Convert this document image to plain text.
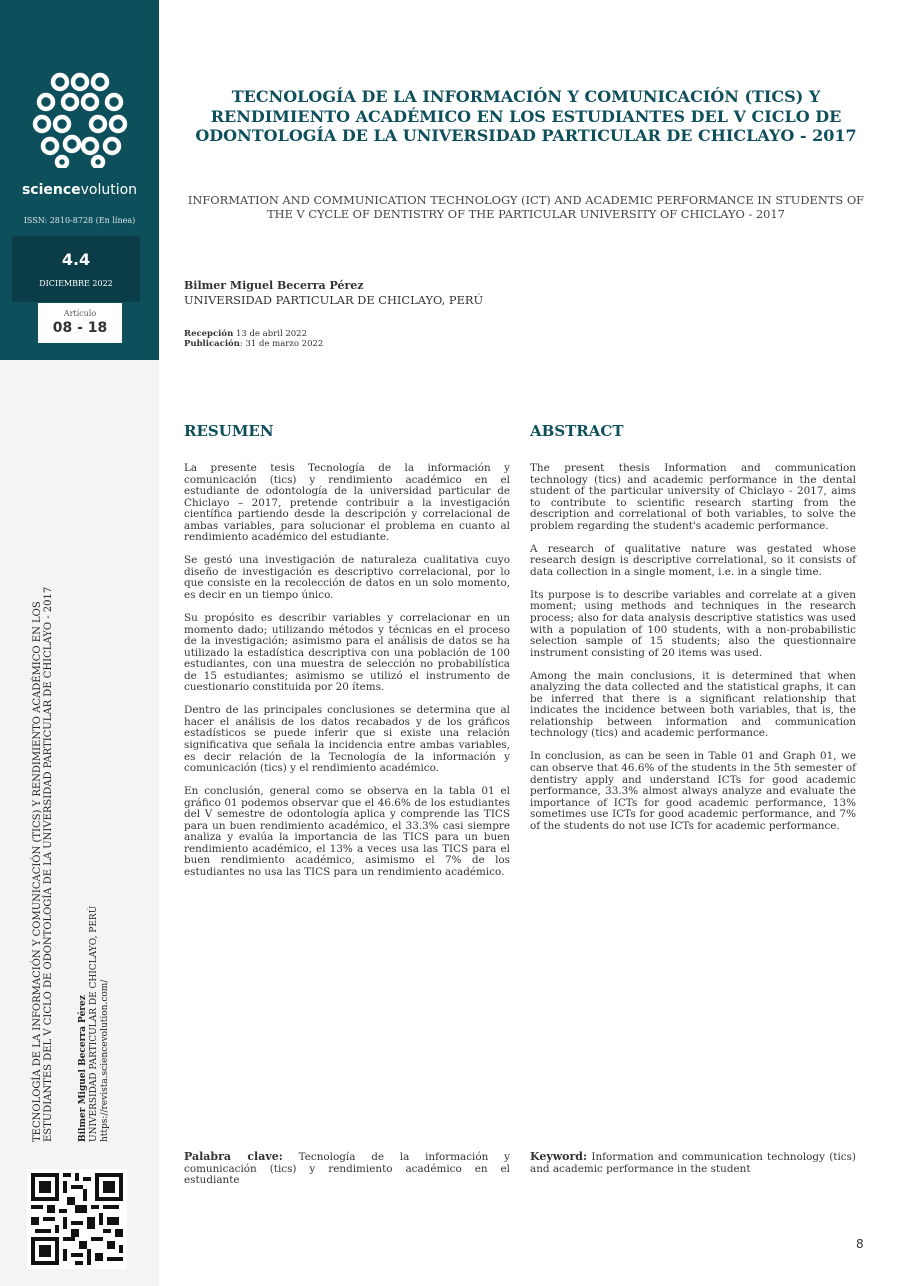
sciencevolution
ISSN: 2810-8728 (En línea)
4.4
DICIEMBRE 2022
Artículo
08 - 18
TECNOLOGÍA DE LA INFORMACIÓN Y COMUNICACIÓN (TICS) Y RENDIMIENTO ACADÉMICO EN LOS ESTUDIANTES DEL V CICLO DE ODONTOLOGÍA DE LA UNIVERSIDAD PARTICULAR DE CHICLAYO - 2017	Bilmer Miguel Becerra Pérez UNIVERSIDAD PARTICULAR DE CHICLAYO, PERÚ https://revista.sciencevolution.com/
TECNOLOGÍA DE LA INFORMACIÓN Y COMUNICACIÓN (TICS) Y RENDIMIENTO ACADÉMICO EN LOS ESTUDIANTES DEL V CICLO DE ODONTOLOGÍA DE LA UNIVERSIDAD PARTICULAR DE CHICLAYO - 2017
INFORMATION AND COMMUNICATION TECHNOLOGY (ICT) AND ACADEMIC PERFORMANCE IN STUDENTS OF THE V CYCLE OF DENTISTRY OF THE PARTICULAR UNIVERSITY OF CHICLAYO - 2017
Bilmer Miguel Becerra Pérez
UNIVERSIDAD PARTICULAR DE CHICLAYO, PERÚ
Recepción 13 de abril 2022
Publicación: 31 de marzo 2022
RESUMEN

La presente tesis Tecnología de la información y comunicación (tics) y rendimiento académico en el estudiante de odontología de la universidad particular de Chiclayo – 2017, pretende contribuir a la investigación científica partiendo desde la descripción y correlacional de ambas variables, para solucionar el problema en cuanto al rendimiento académico del estudiante.

Se gestó una investigación de naturaleza cualitativa cuyo diseño de investigación es descriptivo correlacional, por lo que consiste en la recolección de datos en un solo momento, es decir en un tiempo único.

Su propósito es describir variables y correlacionar en un momento dado; utilizando métodos y técnicas en el proceso de la investigación; asimismo para el análisis de datos se ha utilizado la estadística descriptiva con una población de 100 estudiantes, con una muestra de selección no probabilística de 15 estudiantes; asimismo se utilizó el instrumento de cuestionario constituida por 20 ítems.

Dentro de las principales conclusiones se determina que al hacer el análisis de los datos recabados y de los gráficos estadísticos se puede inferir que si existe una relación significativa que señala la incidencia entre ambas variables, es decir relación de la Tecnología de la información y comunicación (tics) y el rendimiento académico.

En conclusión, general como se observa en la tabla 01 el gráfico 01 podemos observar que el 46.6% de los estudiantes del V semestre de odontología aplica y comprende las TICS para un buen rendimiento académico, el 33.3% casi siempre analiza y evalúa la importancia de las TICS para un buen rendimiento académico, el 13% a veces usa las TICS para el buen rendimiento académico, asimismo el 7% de los estudiantes no usa las TICS para un rendimiento académico.

ABSTRACT

The present thesis Information and communication technology (tics) and academic performance in the dental student of the particular university of Chiclayo - 2017, aims to contribute to scientific research starting from the description and correlational of both variables, to solve the problem regarding the student's academic performance.

A research of qualitative nature was gestated whose research design is descriptive correlational, so it consists of data collection in a single moment, i.e. in a single time.

Its purpose is to describe variables and correlate at a given moment; using methods and techniques in the research process; also for data analysis descriptive statistics was used with a population of 100 students, with a non-probabilistic selection sample of 15 students; also the questionnaire instrument consisting of 20 items was used.

Among the main conclusions, it is determined that when analyzing the data collected and the statistical graphs, it can be inferred that there is a significant relationship that indicates the incidence between both variables, that is, the relationship between information and communication technology (tics) and academic performance.

In conclusion, as can be seen in Table 01 and Graph 01, we can observe that 46.6% of the students in the 5th semester of dentistry apply and understand ICTs for good academic performance, 33.3% almost always analyze and evaluate the importance of ICTs for good academic performance, 13% sometimes use ICTs for good academic performance, and 7% of the students do not use ICTs for academic performance.

Palabra clave: Tecnología de la información y comunicación (tics) y rendimiento académico en el estudiante
Keyword: Information and communication technology (tics) and academic performance in the student
8
